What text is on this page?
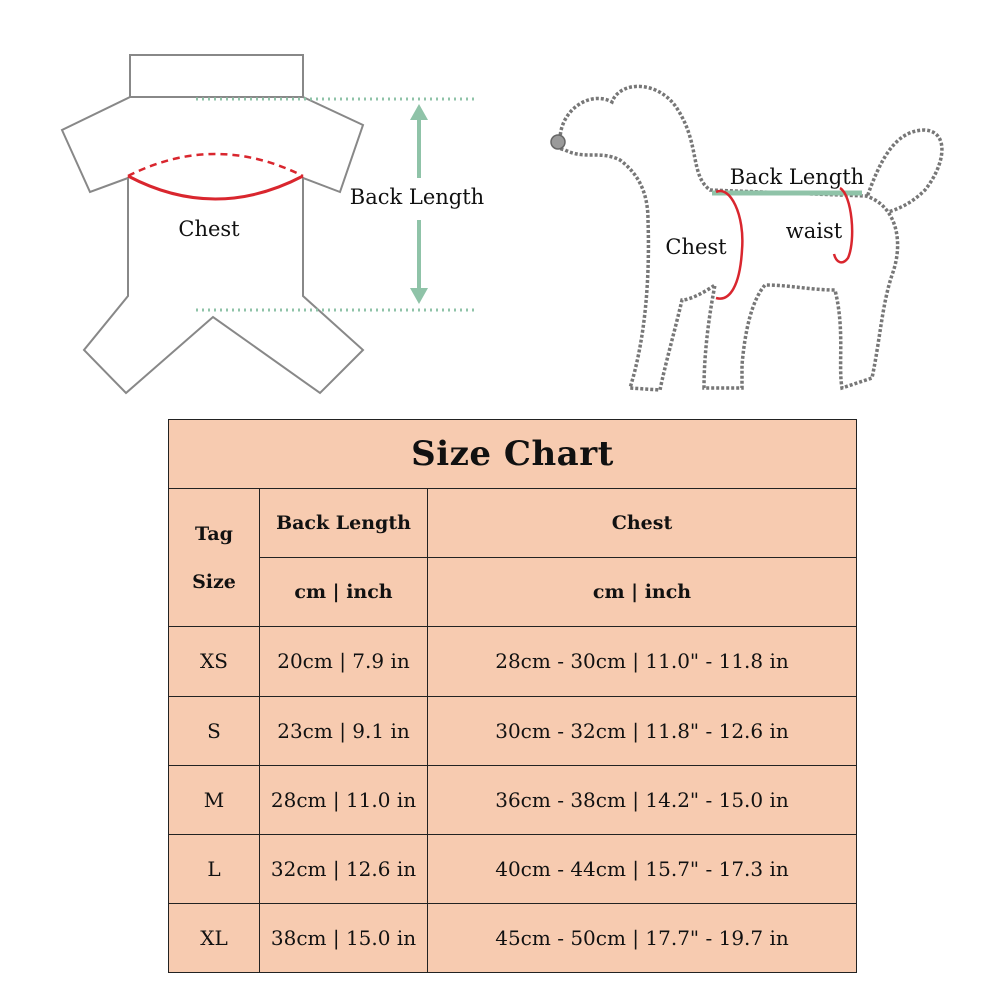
Chest
Back Length
Back Length
Chest
waist
Size Chart		
Tag
Size	Back Length	Chest
	cm | inch	cm | inch
XS	20cm | 7.9 in	28cm - 30cm | 11.0" - 11.8 in
S	23cm | 9.1 in	30cm - 32cm | 11.8" - 12.6 in
M	28cm | 11.0 in	36cm - 38cm | 14.2" - 15.0 in
L	32cm | 12.6 in	40cm - 44cm | 15.7" - 17.3 in
XL	38cm | 15.0 in	45cm - 50cm | 17.7" - 19.7 in
